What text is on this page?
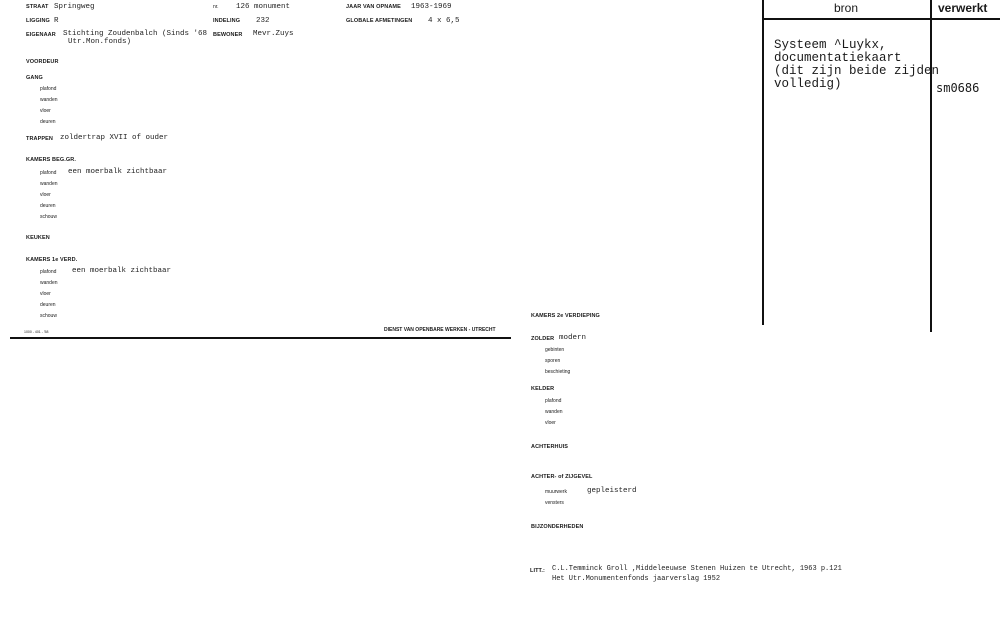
STRAAT Springweg	nr. 126 monument	JAAR VAN OPNAME 1963-1969
LIGGING R	INDELING 232	GLOBALE AFMETINGEN 4 x 6,5
EIGENAAR Stichting Zoudenbalch (Sinds '68
Utr.Mon.fonds)
BEWONER Mevr.Zuys
VOORDEUR
GANG
plafond
wanden
vloer
deuren
TRAPPEN zoldertrap XVII of ouder
KAMERS BEG.GR.
plafond een moerbalk zichtbaar
wanden
vloer
deuren
schouw
KEUKEN
KAMERS 1e VERD.
plafond een moerbalk zichtbaar
wanden
vloer
deuren
schouw
1000 - 401 - '58	DIENST VAN OPENBARE WERKEN - UTRECHT
KAMERS 2e VERDIEPING
ZOLDER modern
gebinten
sporen
beschieting
KELDER
plafond
wanden
vloer
ACHTERHUIS
ACHTER- of ZIJGEVEL
muurwerk	gepleisterd
vensters
BIJZONDERHEDEN
LITT.: C.L.Temminck Groll ,Middeleeuwse Stenen Huizen te Utrecht, 1963 p.121
Het Utr.Monumentenfonds jaarverslag 1952
bron	verwerkt
Systeem ^Luykx,
documentatiekaart
(dit zijn beide zijden
volledig)	sm0686
